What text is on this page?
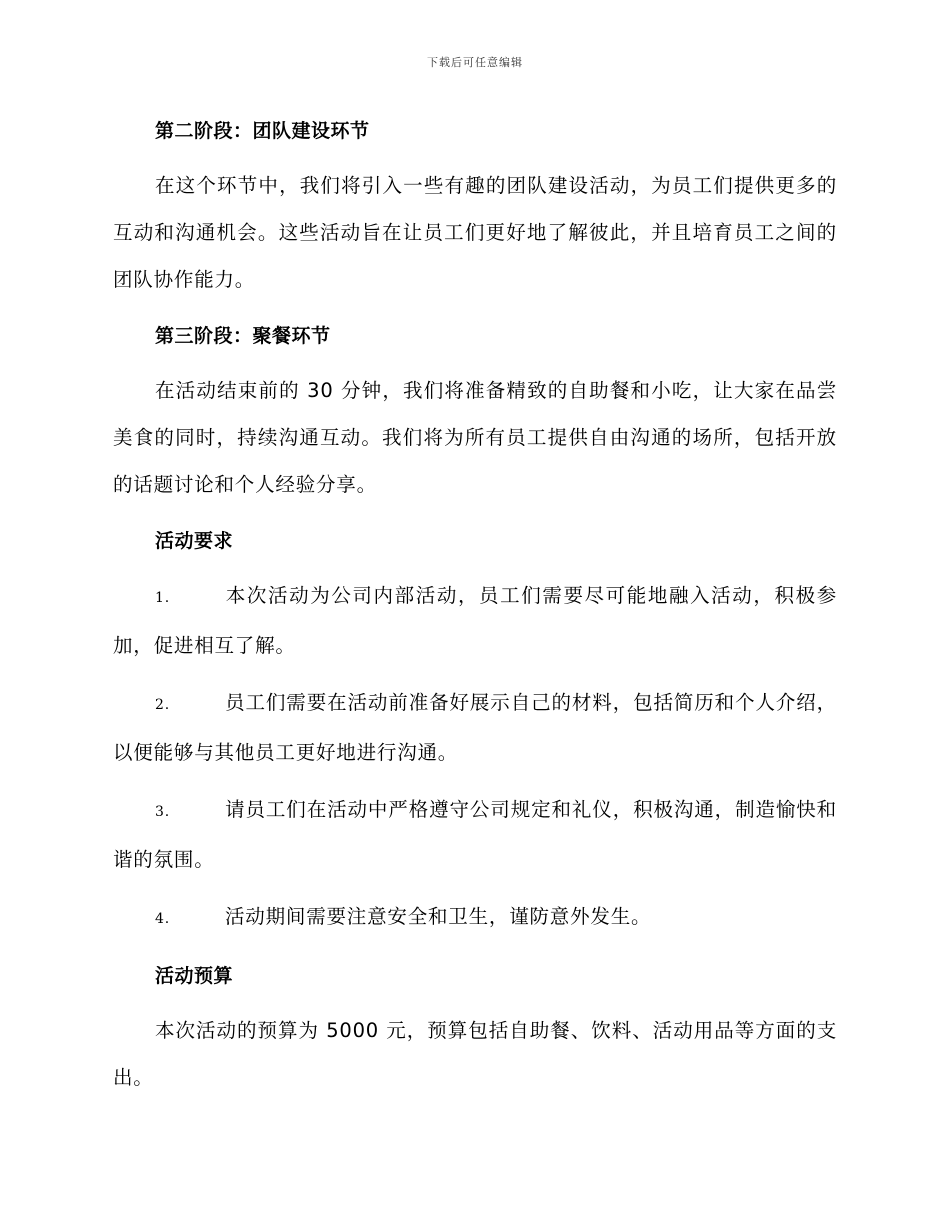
下载后可任意编辑

第二阶段：团队建设环节

在这个环节中，我们将引入一些有趣的团队建设活动，为员工们提供更多的互动和沟通机会。这些活动旨在让员工们更好地了解彼此，并且培育员工之间的团队协作能力。

第三阶段：聚餐环节

在活动结束前的 30 分钟，我们将准备精致的自助餐和小吃，让大家在品尝美食的同时，持续沟通互动。我们将为所有员工提供自由沟通的场所，包括开放的话题讨论和个人经验分享。

活动要求

1.	本次活动为公司内部活动，员工们需要尽可能地融入活动，积极参加，促进相互了解。

2.	员工们需要在活动前准备好展示自己的材料，包括简历和个人介绍，以便能够与其他员工更好地进行沟通。

3.	请员工们在活动中严格遵守公司规定和礼仪，积极沟通，制造愉快和谐的氛围。

4.	活动期间需要注意安全和卫生，谨防意外发生。

活动预算

本次活动的预算为 5000 元，预算包括自助餐、饮料、活动用品等方面的支出。
